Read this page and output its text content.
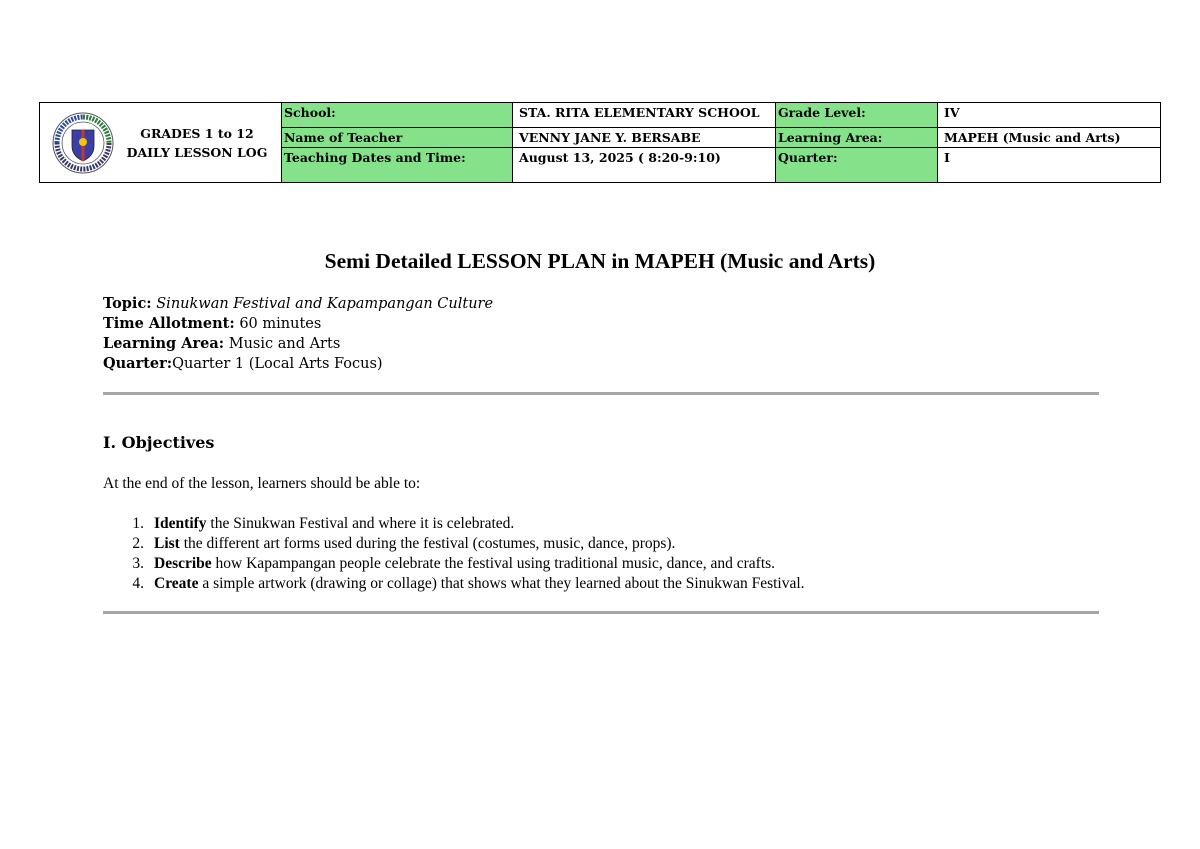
GRADES 1 to 12
DAILY LESSON LOG
School:	STA. RITA ELEMENTARY SCHOOL	Grade Level:	IV
Name of Teacher	VENNY JANE Y. BERSABE	Learning Area:	MAPEH (Music and Arts)
Teaching Dates and Time:	August 13, 2025 ( 8:20-9:10)	Quarter:	I
Semi Detailed LESSON PLAN in MAPEH (Music and Arts)
Topic: Sinukwan Festival and Kapampangan Culture
Time Allotment: 60 minutes
Learning Area: Music and Arts
Quarter:Quarter 1 (Local Arts Focus)
I. Objectives
At the end of the lesson, learners should be able to:
1. Identify the Sinukwan Festival and where it is celebrated.
2. List the different art forms used during the festival (costumes, music, dance, props).
3. Describe how Kapampangan people celebrate the festival using traditional music, dance, and crafts.
4. Create a simple artwork (drawing or collage) that shows what they learned about the Sinukwan Festival.
